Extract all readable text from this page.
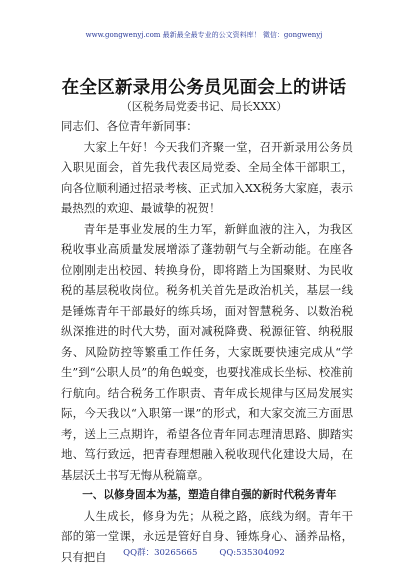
www.gongwenyj.com 最新最全最专业的公文资料库！ 微信：gongwenyj
在全区新录用公务员见面会上的讲话
（区税务局党委书记、局长XXX）

同志们、各位青年新同事：

大家上午好！今天我们齐聚一堂，召开新录用公务员入职见面会，首先我代表区局党委、全局全体干部职工，向各位顺利通过招录考核、正式加入XX税务大家庭，表示最热烈的欢迎、最诚挚的祝贺！

青年是事业发展的生力军，新鲜血液的注入，为我区税收事业高质量发展增添了蓬勃朝气与全新动能。在座各位刚刚走出校园、转换身份，即将踏上为国聚财、为民收税的基层税收岗位。税务机关首先是政治机关，基层一线是锤炼青年干部最好的练兵场，面对智慧税务、以数治税纵深推进的时代大势，面对减税降费、税源征管、纳税服务、风险防控等繁重工作任务，大家既要快速完成从“学生”到“公职人员”的角色蜕变，也要找准成长坐标、校准前行航向。结合税务工作职责、青年成长规律与区局发展实际，今天我以“入职第一课”的形式，和大家交流三方面思考，送上三点期许，希望各位青年同志理清思路、脚踏实地、笃行致远，把青春理想融入税收现代化建设大局，在基层沃土书写无悔从税篇章。

一、以修身固本为基，塑造自律自强的新时代税务青年

人生成长，修身为先；从税之路，底线为纲。青年干部的第一堂课，永远是管好自身、锤炼身心、涵养品格，只有把自	QQ群：30265665	QQ:535304092
